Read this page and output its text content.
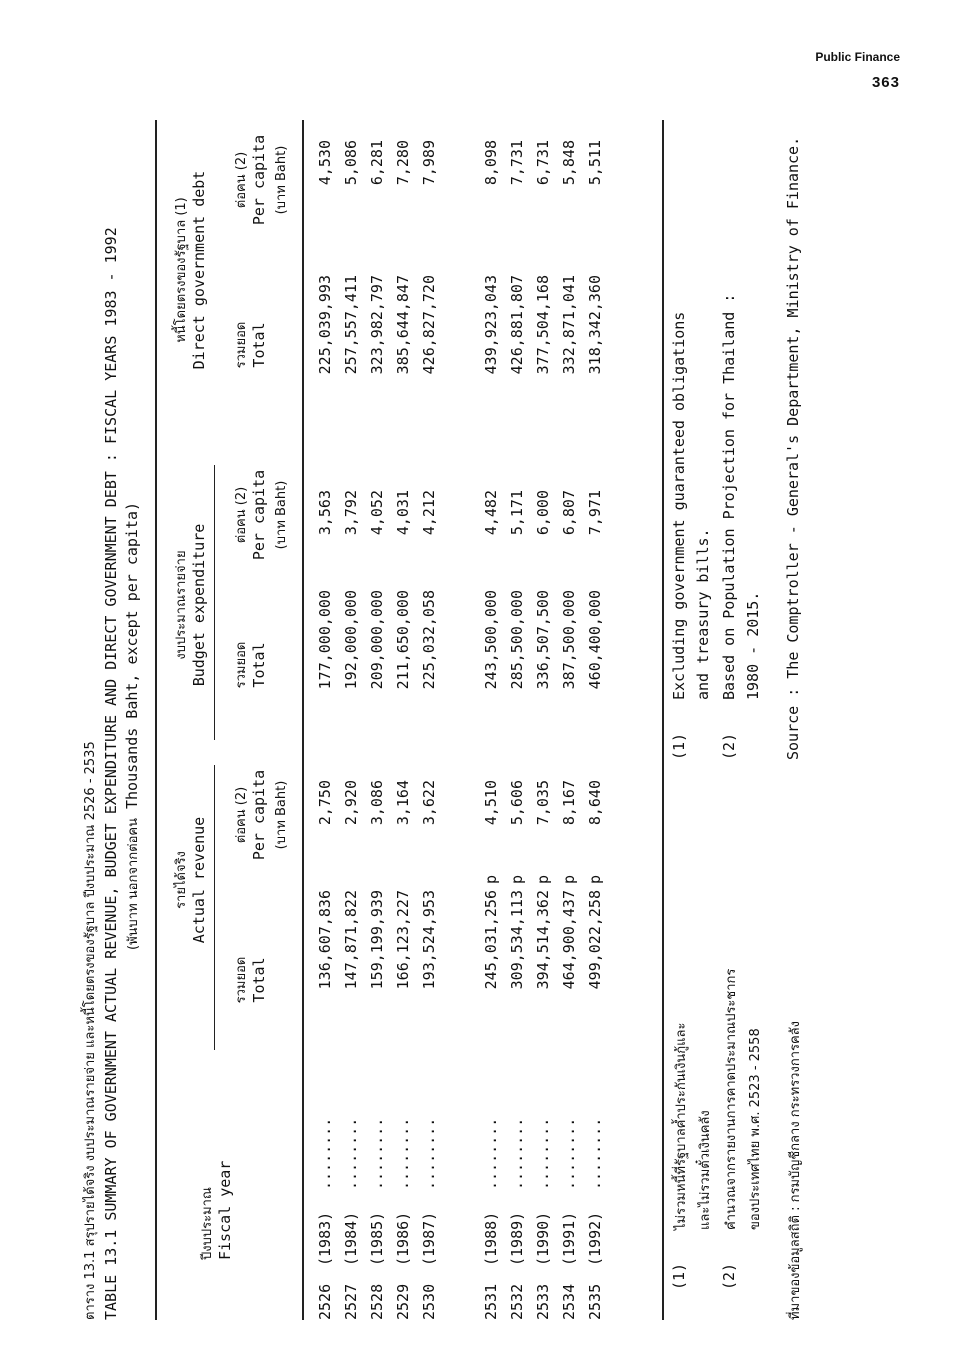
Public Finance
363
ตาราง 13.1 สรุปรายได้จริง งบประมาณรายจ่าย และหนี้โดยตรงของรัฐบาล ปีงบประมาณ 2526 - 2535 TABLE 13.1 SUMMARY OF GOVERNMENT ACTUAL REVENUE, BUDGET EXPENDITURE AND DIRECT GOVERNMENT DEBT : FISCAL YEARS 1983 - 1992 (พันบาท นอกจากต่อคน Thousands Baht, except per capita)
ปีงบประมาณ Fiscal year
รายได้จริง Actual revenue
งบประมาณรายจ่าย Budget expenditure
หนี้โดยตรงของรัฐบาล (1) Direct government debt
รวมยอด Total
ต่อคน (2) Per capita (บาท Baht)
รวมยอด Total
ต่อคน (2) Per capita (บาท Baht)
รวมยอด Total
ต่อคน (2) Per capita (บาท Baht)
2526
(1983)
........
136,607,836
2,750
177,000,000
3,563
225,039,993
4,530
2527
(1984)
........
147,871,822
2,920
192,000,000
3,792
257,557,411
5,086
2528
(1985)
........
159,199,939
3,086
209,000,000
4,052
323,982,797
6,281
2529
(1986)
........
166,123,227
3,164
211,650,000
4,031
385,644,847
7,280
2530
(1987)
........
193,524,953
3,622
225,032,058
4,212
426,827,720
7,989
2531
(1988)
........
245,031,256
p
4,510
243,500,000
4,482
439,923,043
8,098
2532
(1989)
........
309,534,113
p
5,606
285,500,000
5,171
426,881,807
7,731
2533
(1990)
........
394,514,362
p
7,035
336,507,500
6,000
377,504,168
6,731
2534
(1991)
........
464,900,437
p
8,167
387,500,000
6,807
332,871,041
5,848
2535
(1992)
........
499,022,258
p
8,640
460,400,000
7,971
318,342,360
5,511
(1)
ไม่รวมหนี้ที่รัฐบาลค้ำประกันเงินกู้และ และไม่รวมตั๋วเงินคลัง
(2)
คำนวณจากรายงานการคาดประมาณประชากร ของประเทศไทย พ.ศ. 2523 - 2558	ที่มาของข้อมูลสถิติ : กรมบัญชีกลาง กระทรวงการคลัง
(1)
Excluding government guaranteed obligations and treasury bills.
(2)
Based on Population Projection for Thailand : 1980 - 2015. Source : The Comptroller - General's Department, Ministry of Finance.
